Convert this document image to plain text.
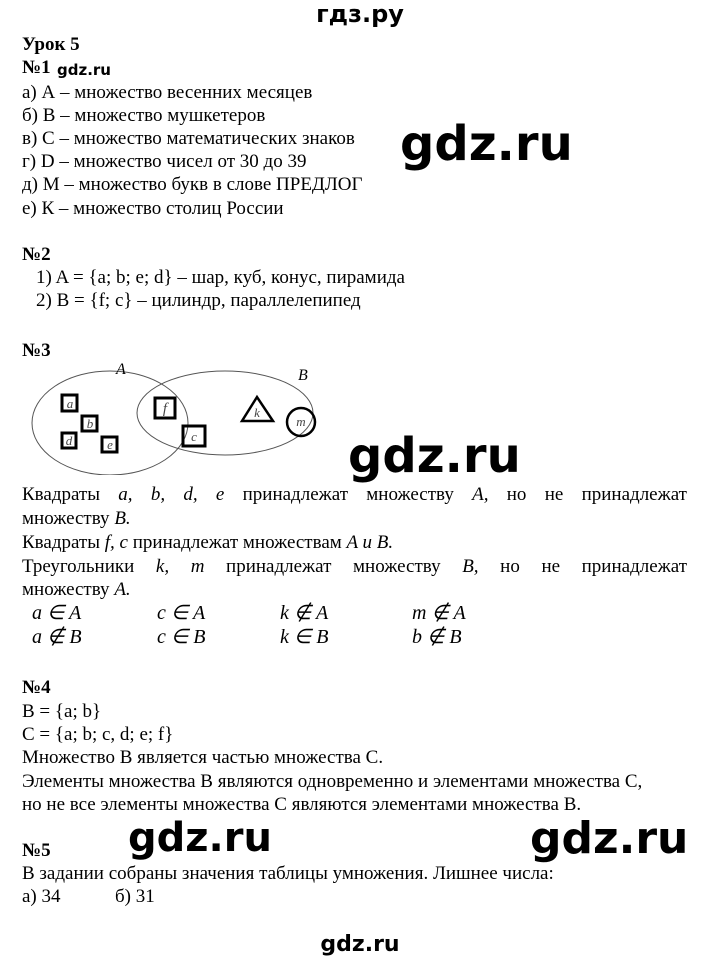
гдз.ру
Урок 5
№1
а) А – множество весенних месяцев
б) В – множество мушкетеров
в) С – множество математических знаков
г) D – множество чисел от 30 до 39
д) М – множество букв в слове ПРЕДЛОГ
е) К – множество столиц России
№2
1) A = {a; b; e; d} – шар, куб, конус, пирамида
2) B = {f; c} – цилиндр, параллелепипед
№3
A	B
a
b
d	e
f
c
k
m
Квадраты a, b, d, e принадлежат множеству A, но не принадлежат
множеству B.
Квадраты f, c принадлежат множествам A и B.
Треугольники k, m принадлежат множеству B, но не принадлежат
множеству A.
a ∈ A	c ∈ A	k ∉ A	m ∉ A
a ∉ B	c ∈ B	k ∈ B	b ∉ B
№4
B = {a; b}
C = {a; b; c, d; e; f}
Множество B является частью множества С.
Элементы множества B являются одновременно и элементами множества С,
но не все элементы множества С являются элементами множества В.
№5
В задании собраны значения таблицы умножения. Лишнее числа:
а) 34	б) 31
gdz.ru
gdz.ru
gdz.ru
gdz.ru	gdz.ru
gdz.ru
